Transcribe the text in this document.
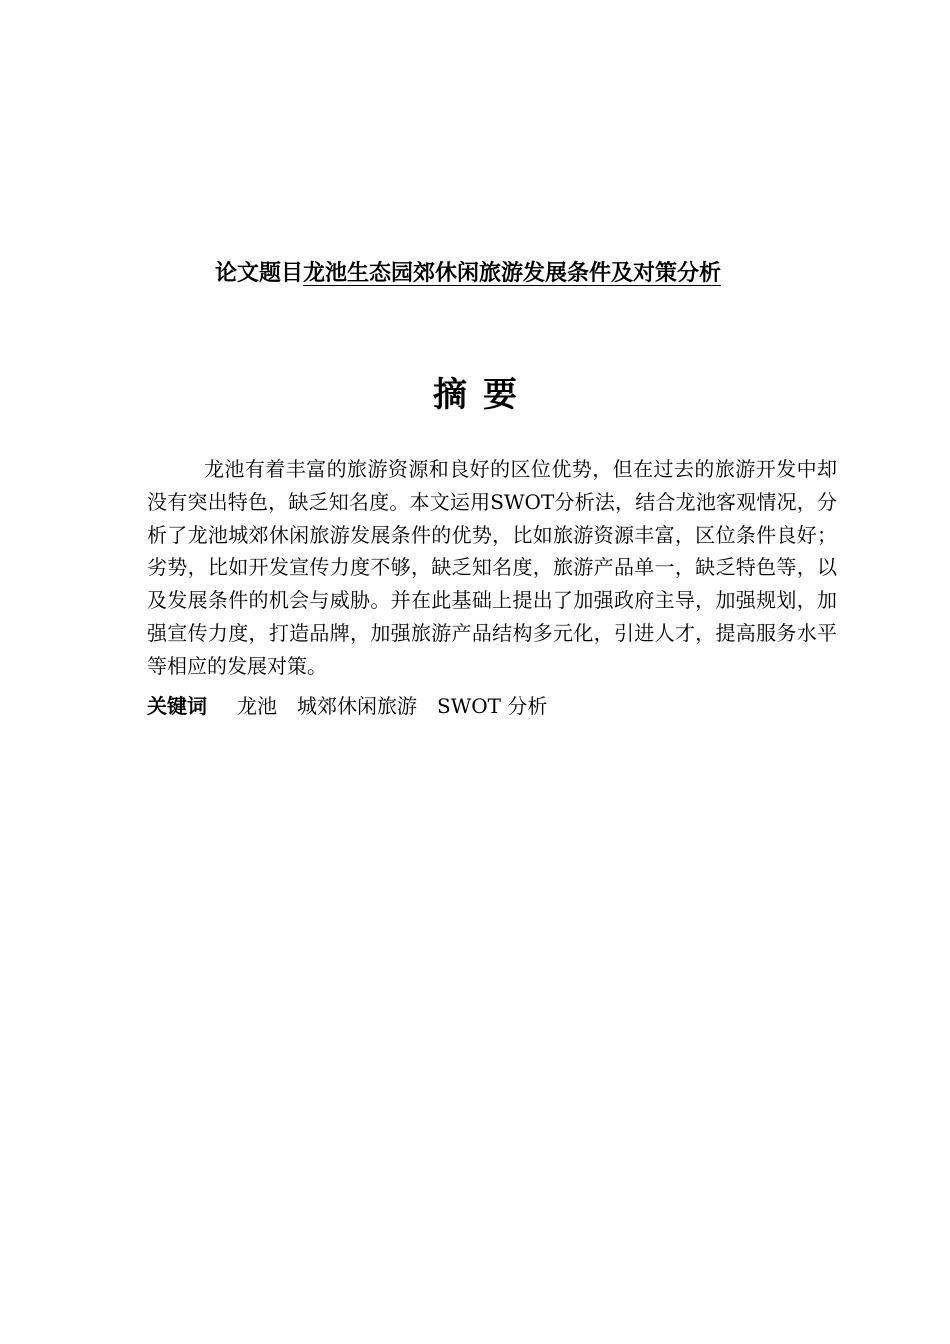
论文题目龙池生态园郊休闲旅游发展条件及对策分析
摘要

龙池有着丰富的旅游资源和良好的区位优势，但在过去的旅游开发中却没有突出特色，缺乏知名度。本文运用SWOT分析法，结合龙池客观情况，分析了龙池城郊休闲旅游发展条件的优势，比如旅游资源丰富，区位条件良好；劣势，比如开发宣传力度不够，缺乏知名度，旅游产品单一，缺乏特色等，以及发展条件的机会与威胁。并在此基础上提出了加强政府主导，加强规划，加强宣传力度，打造品牌，加强旅游产品结构多元化，引进人才，提高服务水平等相应的发展对策。

关键词 龙池 城郊休闲旅游 SWOT 分析
